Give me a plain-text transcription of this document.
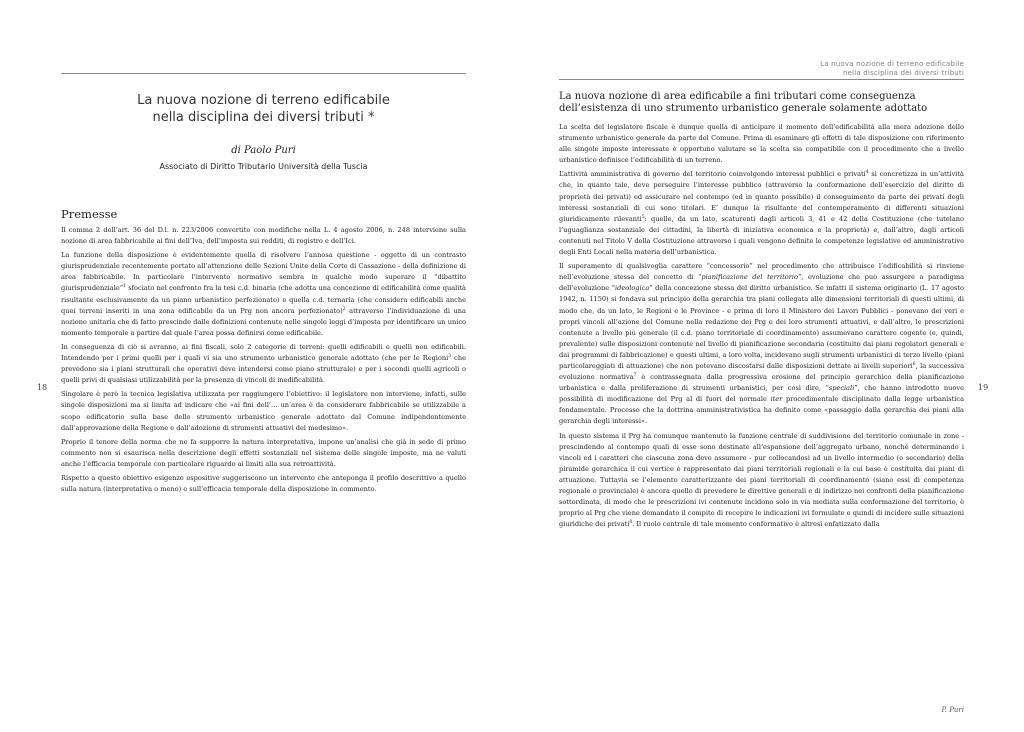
La nuova nozione di terreno edificabile
nella disciplina dei diversi tributi *
di Paolo Puri
Associato di Diritto Tributario Università della Tuscia
Premesse

Il comma 2 dell’art. 36 del D.l. n. 223/2006 convertito con modifiche nella L. 4 agosto 2006, n. 248 interviene sulla nozione di area fabbricabile ai fini dell’Iva, dell’imposta sui redditi, di registro e dell’Ici.

La funzione della disposizione è evidentemente quella di risolvere l’annosa questione - oggetto di un contrasto giurisprudenziale recentemente portato all’attenzione delle Sezioni Unite della Corte di Cassazione - della definizione di area fabbricabile. In particolare l’intervento normativo sembra in qualche modo superare il “dibattito giurisprudenziale”$^1$ sfociato nel confronto fra la tesi c.d. binaria (che adotta una concezione di edificabilità come qualità risultante esclusivamente da un piano urbanistico perfezionato) e quella c.d. ternaria (che considera edificabili anche quei terreni inseriti in una zona edificabile da un Prg non ancora perfezionato)$^2$ attraverso l’individuazione di una nozione unitaria che di fatto prescinde dalle definizioni contenute nelle singole leggi d’imposta per identificare un unico momento temporale a partire dal quale l’area possa definirsi come edificabile.

In conseguenza di ciò si avranno, ai fini fiscali, solo 2 categorie di terreni: quelli edificabili e quelli non edificabili. Intendendo per i primi quelli per i quali vi sia uno strumento urbanistico generale adottato (che per le Regioni$^3$ che prevedono sia i piani strutturali che operativi deve intendersi come piano strutturale) e per i secondi quelli agricoli o quelli privi di qualsiasi utilizzabilità per la presenza di vincoli di inedificabilità.

Singolare è però la tecnica legislativa utilizzata per raggiungere l’obiettivo: il legislatore non interviene, infatti, sulle singole disposizioni ma si limita ad indicare che «ai fini dell’… un’area è da considerare fabbricabile se utilizzabile a scopo edificatorio sulla base dello strumento urbanistico generale adottato dal Comune indipendentemente dall’approvazione della Regione e dall’adozione di strumenti attuativi del medesimo».

Proprio il tenore della norma che ne fa supporre la natura interpretativa, impone un’analisi che già in sede di primo commento non si esaurisca nella descrizione degli effetti sostanziali nel sistema delle singole imposte, ma ne valuti anche l’efficacia temporale con particolare riguardo ai limiti alla sua retroattività.

Rispetto a questo obiettivo esigenze espositive suggeriscono un intervento che anteponga il profilo descrittivo a quello sulla natura (interpretativa o meno) e sull’efficacia temporale della disposizione in commento.

18
La nuova nozione di terreno edificabile
nella disciplina dei diversi tributi
La nuova nozione di area edificabile a fini tributari come conseguenza dell’esistenza di uno strumento urbanistico generale solamente adottato

La scelta del legislatore fiscale è dunque quella di anticipare il momento dell’edificabilità alla mera adozione dello strumento urbanistico generale da parte del Comune. Prima di esaminare gli effetti di tale disposizione con riferimento alle singole imposte interessate è opportuno valutare se la scelta sia compatibile con il procedimento che a livello urbanistico definisce l’edificabilità di un terreno.

L’attività amministrativa di governo del territorio coinvolgendo interessi pubblici e privati$^4$ si concretizza in un’attività che, in quanto tale, deve perseguire l’interesse pubblico (attraverso la conformazione dell’esercizio del diritto di proprietà dei privati) ed assicurare nel contempo (ed in quanto possibile) il conseguimento da parte dei privati degli interessi sostanziali di cui sono titolari. E’ dunque la risultante del contemperamento di differenti situazioni giuridicamente rilevanti$^5$: quelle, da un lato, scaturenti dagli articoli 3, 41 e 42 della Costituzione (che tutelano l’uguaglianza sostanziale dei cittadini, la libertà di iniziativa economica e la proprietà) e, dall’altro, dagli articoli contenuti nel Titolo V della Costituzione attraverso i quali vengono definite le competenze legislative ed amministrative degli Enti Locali nella materia dell’urbanistica.

Il superamento di qualsivoglia carattere “concessorio” nel procedimento che attribuisce l’edificabilità si rinviene nell’evoluzione stessa del concetto di “pianificazione del territorio”, evoluzione che può assurgere a paradigma dell’evoluzione “ideologica” della concezione stessa del diritto urbanistico. Se infatti il sistema originario (L. 17 agosto 1942, n. 1150) si fondava sul principio della gerarchia tra piani collegata alle dimensioni territoriali di questi ultimi, di modo che, da un lato, le Regioni e le Province - e prima di loro il Ministero dei Lavori Pubblici - ponevano dei veri e propri vincoli all’azione del Comune nella redazione dei Prg e dei loro strumenti attuativi, e dall’altro, le prescrizioni contenute a livello più generale (il c.d. piano territoriale di coordinamento) assumevano carattere cogente (e, quindi, prevalente) sulle disposizioni contenute nel livello di pianificazione secondaria (costituito dai piani regolatori generali e dai programmi di fabbricazione) e questi ultimi, a loro volta, incidevano sugli strumenti urbanistici di terzo livello (piani particolareggiati di attuazione) che non potevano discostarsi dalle disposizioni dettate ai livelli superiori$^6$, la successiva evoluzione normativa$^7$ è contrassegnata dalla progressiva erosione del principio gerarchico della pianificazione urbanistica e dalla proliferazione di strumenti urbanistici, per così dire, “speciali”, che hanno introdotto nuove possibilità di modificazione del Prg al di fuori del normale iter procedimentale disciplinato dalla legge urbanistica fondamentale. Processo che la dottrina amministrativistica ha definito come «passaggio dalla gerarchia dei piani alla gerarchia degli interessi».

In questo sistema il Prg ha comunque mantenuto la funzione centrale di suddivisione del territorio comunale in zone - prescindendo al contempo quali di esse sono destinate all’espansione dell’aggregato urbano, nonché determinando i vincoli ed i caratteri che ciascuna zona deve assumere - pur collocandosi ad un livello intermedio (o secondario) della piramide gerarchica il cui vertice è rappresentato dai piani territoriali regionali e la cui base è costituita dai piani di attuazione. Tuttavia se l’elemento caratterizzante dei piani territoriali di coordinamento (siano essi di competenza regionale o provinciale) è ancora quello di prevedere le direttive generali e di indirizzo nei confronti della pianificazione sottordinata, di modo che le prescrizioni ivi contenute incidono solo in via mediata sulla conformazione del territorio, è proprio al Prg che viene demandato il compito di recepire le indicazioni ivi formulate e quindi di incidere sulle situazioni giuridiche dei privati$^8$. Il ruolo centrale di tale momento conformativo è altresì enfatizzato dalla

19
P. Puri
